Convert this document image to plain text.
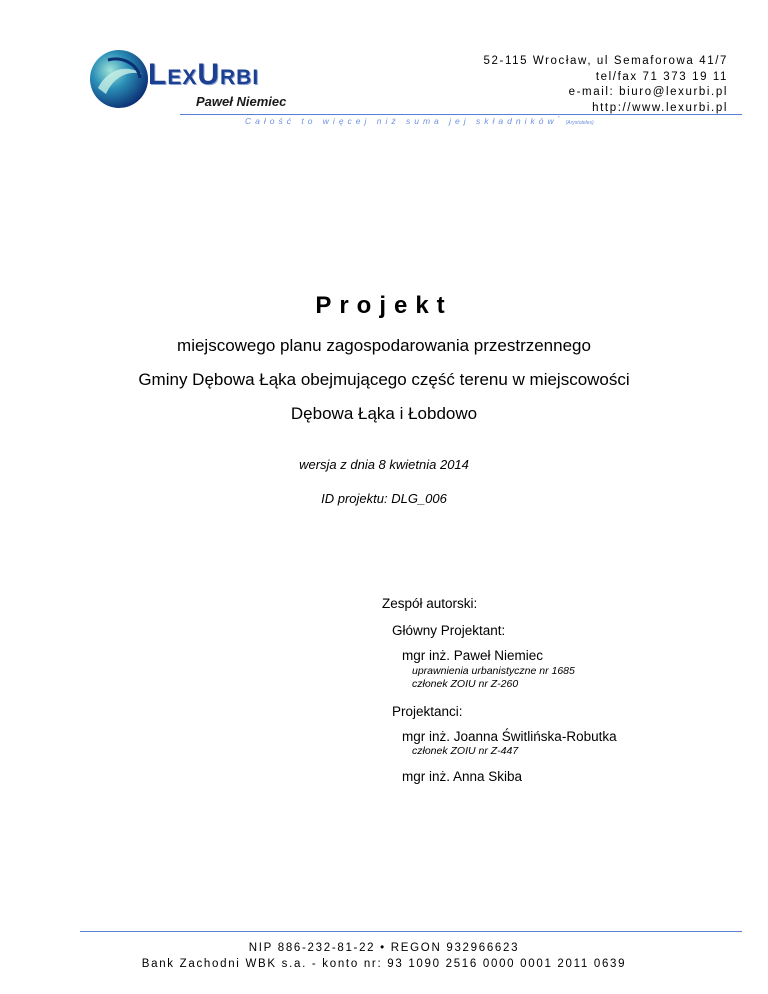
LexUrbi
Paweł Niemiec
52-115 Wrocław, ul Semaforowa 41/7
tel/fax 71 373 19 11
e-mail: biuro@lexurbi.pl
http://www.lexurbi.pl
Całość to więcej niż suma jej składników” (Arystoteles)
Projekt
miejscowego planu zagospodarowania przestrzennego
Gminy Dębowa Łąka obejmującego część terenu w miejscowości
Dębowa Łąka i Łobdowo
wersja z dnia 8 kwietnia 2014
ID projektu: DLG_006
Zespół autorski:
Główny Projektant:
mgr inż. Paweł Niemiec
uprawnienia urbanistyczne nr 1685
członek ZOIU nr Z-260
Projektanci:
mgr inż. Joanna Świtlińska-Robutka
członek ZOIU nr Z-447
mgr inż. Anna Skiba
NIP 886-232-81-22 • REGON 932966623
Bank Zachodni WBK s.a. - konto nr: 93 1090 2516 0000 0001 2011 0639
